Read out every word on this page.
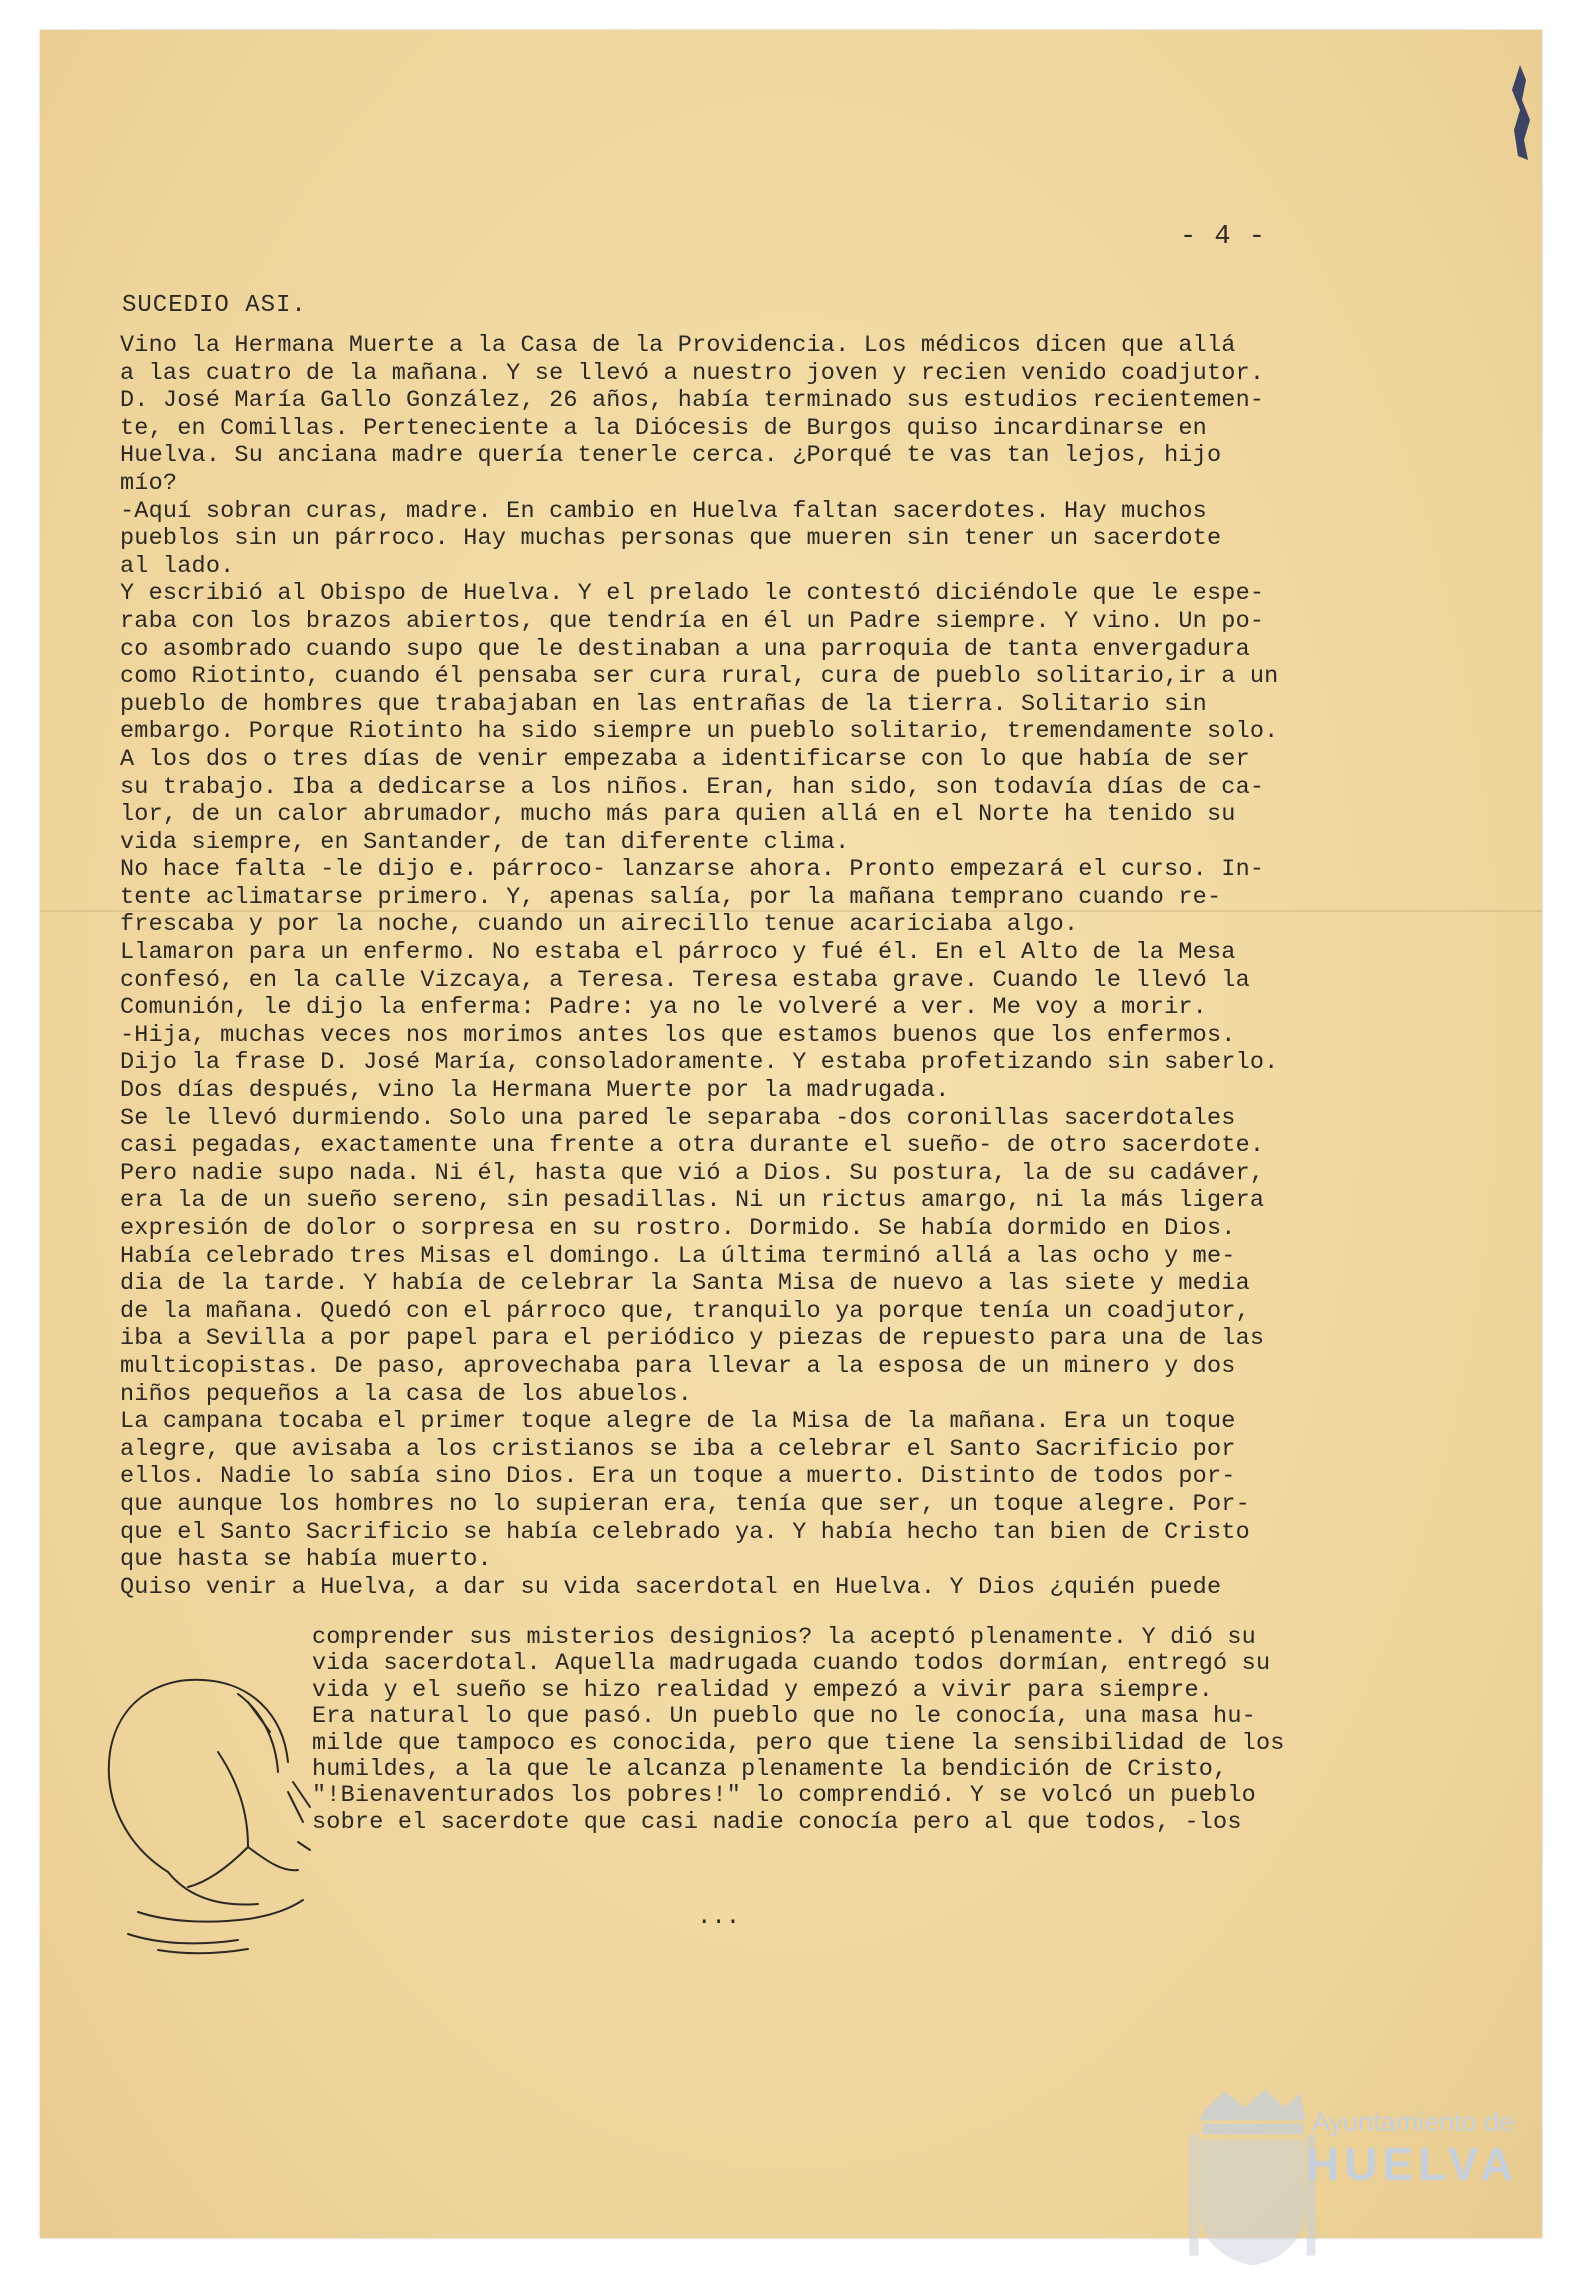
- 4 -
SUCEDIO ASI.
Vino la Hermana Muerte a la Casa de la Providencia. Los médicos dicen que allá
a las cuatro de la mañana. Y se llevó a nuestro joven y recien venido coadjutor.
D. José María Gallo González, 26 años, había terminado sus estudios recientemen-
te, en Comillas. Perteneciente a la Diócesis de Burgos quiso incardinarse en
Huelva. Su anciana madre quería tenerle cerca. ¿Porqué te vas tan lejos, hijo
mío?
-Aquí sobran curas, madre. En cambio en Huelva faltan sacerdotes. Hay muchos
pueblos sin un párroco. Hay muchas personas que mueren sin tener un sacerdote
al lado.
Y escribió al Obispo de Huelva. Y el prelado le contestó diciéndole que le espe-
raba con los brazos abiertos, que tendría en él un Padre siempre. Y vino. Un po-
co asombrado cuando supo que le destinaban a una parroquia de tanta envergadura
como Riotinto, cuando él pensaba ser cura rural, cura de pueblo solitario,ir a un
pueblo de hombres que trabajaban en las entrañas de la tierra. Solitario sin
embargo. Porque Riotinto ha sido siempre un pueblo solitario, tremendamente solo.
A los dos o tres días de venir empezaba a identificarse con lo que había de ser
su trabajo. Iba a dedicarse a los niños. Eran, han sido, son todavía días de ca-
lor, de un calor abrumador, mucho más para quien allá en el Norte ha tenido su
vida siempre, en Santander, de tan diferente clima.
No hace falta -le dijo e. párroco- lanzarse ahora. Pronto empezará el curso. In-
tente aclimatarse primero. Y, apenas salía, por la mañana temprano cuando re-
frescaba y por la noche, cuando un airecillo tenue acariciaba algo.
Llamaron para un enfermo. No estaba el párroco y fué él. En el Alto de la Mesa
confesó, en la calle Vizcaya, a Teresa. Teresa estaba grave. Cuando le llevó la
Comunión, le dijo la enferma: Padre: ya no le volveré a ver. Me voy a morir.
-Hija, muchas veces nos morimos antes los que estamos buenos que los enfermos.
Dijo la frase D. José María, consoladoramente. Y estaba profetizando sin saberlo.
Dos días después, vino la Hermana Muerte por la madrugada.
Se le llevó durmiendo. Solo una pared le separaba -dos coronillas sacerdotales
casi pegadas, exactamente una frente a otra durante el sueño- de otro sacerdote.
Pero nadie supo nada. Ni él, hasta que vió a Dios. Su postura, la de su cadáver,
era la de un sueño sereno, sin pesadillas. Ni un rictus amargo, ni la más ligera
expresión de dolor o sorpresa en su rostro. Dormido. Se había dormido en Dios.
Había celebrado tres Misas el domingo. La última terminó allá a las ocho y me-
dia de la tarde. Y había de celebrar la Santa Misa de nuevo a las siete y media
de la mañana. Quedó con el párroco que, tranquilo ya porque tenía un coadjutor,
iba a Sevilla a por papel para el periódico y piezas de repuesto para una de las
multicopistas. De paso, aprovechaba para llevar a la esposa de un minero y dos
niños pequeños a la casa de los abuelos.
La campana tocaba el primer toque alegre de la Misa de la mañana. Era un toque
alegre, que avisaba a los cristianos se iba a celebrar el Santo Sacrificio por
ellos. Nadie lo sabía sino Dios. Era un toque a muerto. Distinto de todos por-
que aunque los hombres no lo supieran era, tenía que ser, un toque alegre. Por-
que el Santo Sacrificio se había celebrado ya. Y había hecho tan bien de Cristo
que hasta se había muerto.
Quiso venir a Huelva, a dar su vida sacerdotal en Huelva. Y Dios ¿quién puede
comprender sus misterios designios? la aceptó plenamente. Y dió su
vida sacerdotal. Aquella madrugada cuando todos dormían, entregó su
vida y el sueño se hizo realidad y empezó a vivir para siempre.
Era natural lo que pasó. Un pueblo que no le conocía, una masa hu-
milde que tampoco es conocida, pero que tiene la sensibilidad de los
humildes, a la que le alcanza plenamente la bendición de Cristo,
"!Bienaventurados los pobres!" lo comprendió. Y se volcó un pueblo
sobre el sacerdote que casi nadie conocía pero al que todos, -los
...
Ayuntamiento de
HUELVA
